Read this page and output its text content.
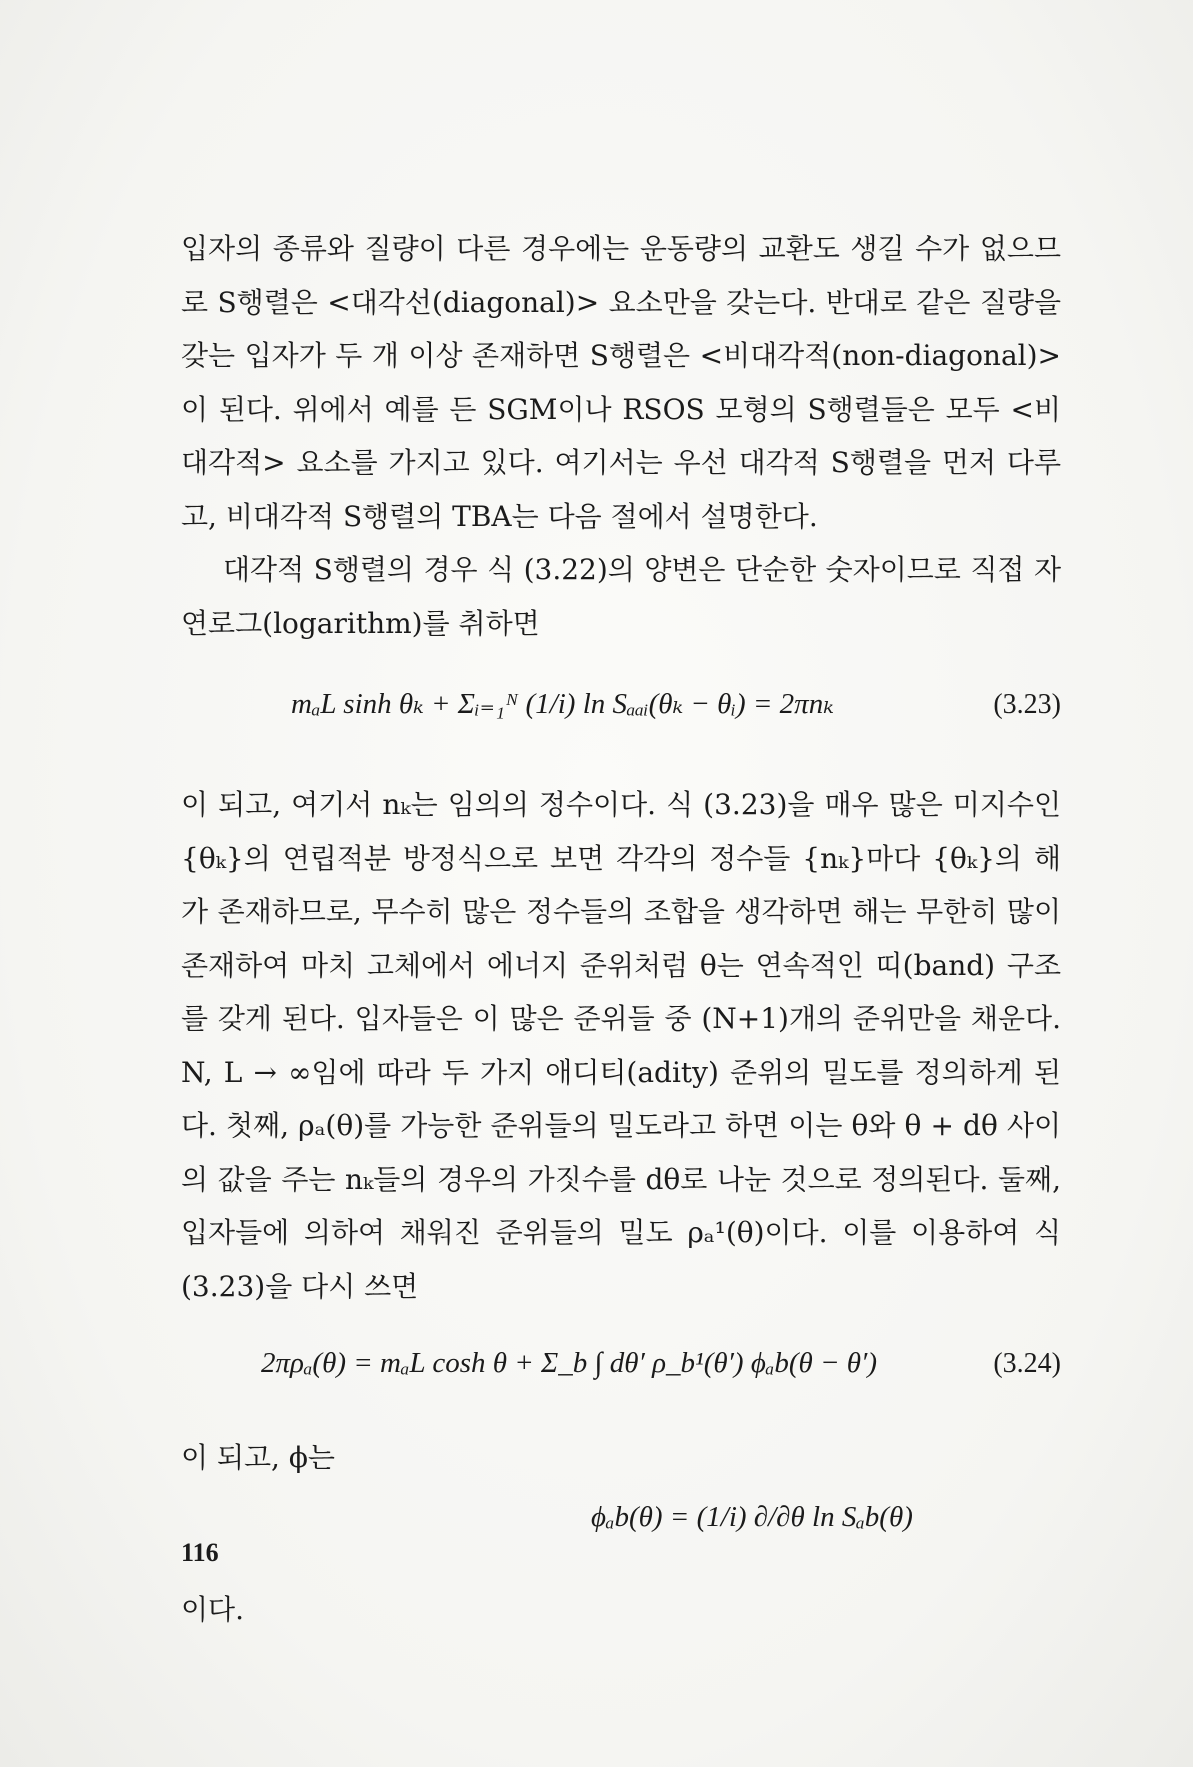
입자의 종류와 질량이 다른 경우에는 운동량의 교환도 생길 수가 없으므로 S행렬은 <대각선(diagonal)> 요소만을 갖는다. 반대로 같은 질량을 갖는 입자가 두 개 이상 존재하면 S행렬은 <비대각적(non-diagonal)>이 된다. 위에서 예를 든 SGM이나 RSOS 모형의 S행렬들은 모두 <비대각적> 요소를 가지고 있다. 여기서는 우선 대각적 S행렬을 먼저 다루고, 비대각적 S행렬의 TBA는 다음 절에서 설명한다.

대각적 S행렬의 경우 식 (3.22)의 양변은 단순한 숫자이므로 직접 자연로그(logarithm)를 취하면

mₐL sinh θₖ + Σᵢ₌₁ᴺ (1/i) ln Sₐₐᵢ(θₖ − θᵢ) = 2πnₖ	(3.23)

이 되고, 여기서 nₖ는 임의의 정수이다. 식 (3.23)을 매우 많은 미지수인 {θₖ}의 연립적분 방정식으로 보면 각각의 정수들 {nₖ}마다 {θₖ}의 해가 존재하므로, 무수히 많은 정수들의 조합을 생각하면 해는 무한히 많이 존재하여 마치 고체에서 에너지 준위처럼 θ는 연속적인 띠(band) 구조를 갖게 된다. 입자들은 이 많은 준위들 중 (N+1)개의 준위만을 채운다. N, L → ∞임에 따라 두 가지 애디티(adity) 준위의 밀도를 정의하게 된다. 첫째, ρₐ(θ)를 가능한 준위들의 밀도라고 하면 이는 θ와 θ + dθ 사이의 값을 주는 nₖ들의 경우의 가짓수를 dθ로 나눈 것으로 정의된다. 둘째, 입자들에 의하여 채워진 준위들의 밀도 ρₐ¹(θ)이다. 이를 이용하여 식 (3.23)을 다시 쓰면

2πρₐ(θ) = mₐL cosh θ + Σ_b ∫ dθ′ ρ_b¹(θ′) ϕₐb(θ − θ′)	(3.24)

이 되고, ϕ는

ϕₐb(θ) = (1/i) ∂/∂θ ln Sₐb(θ)

이다.

116
